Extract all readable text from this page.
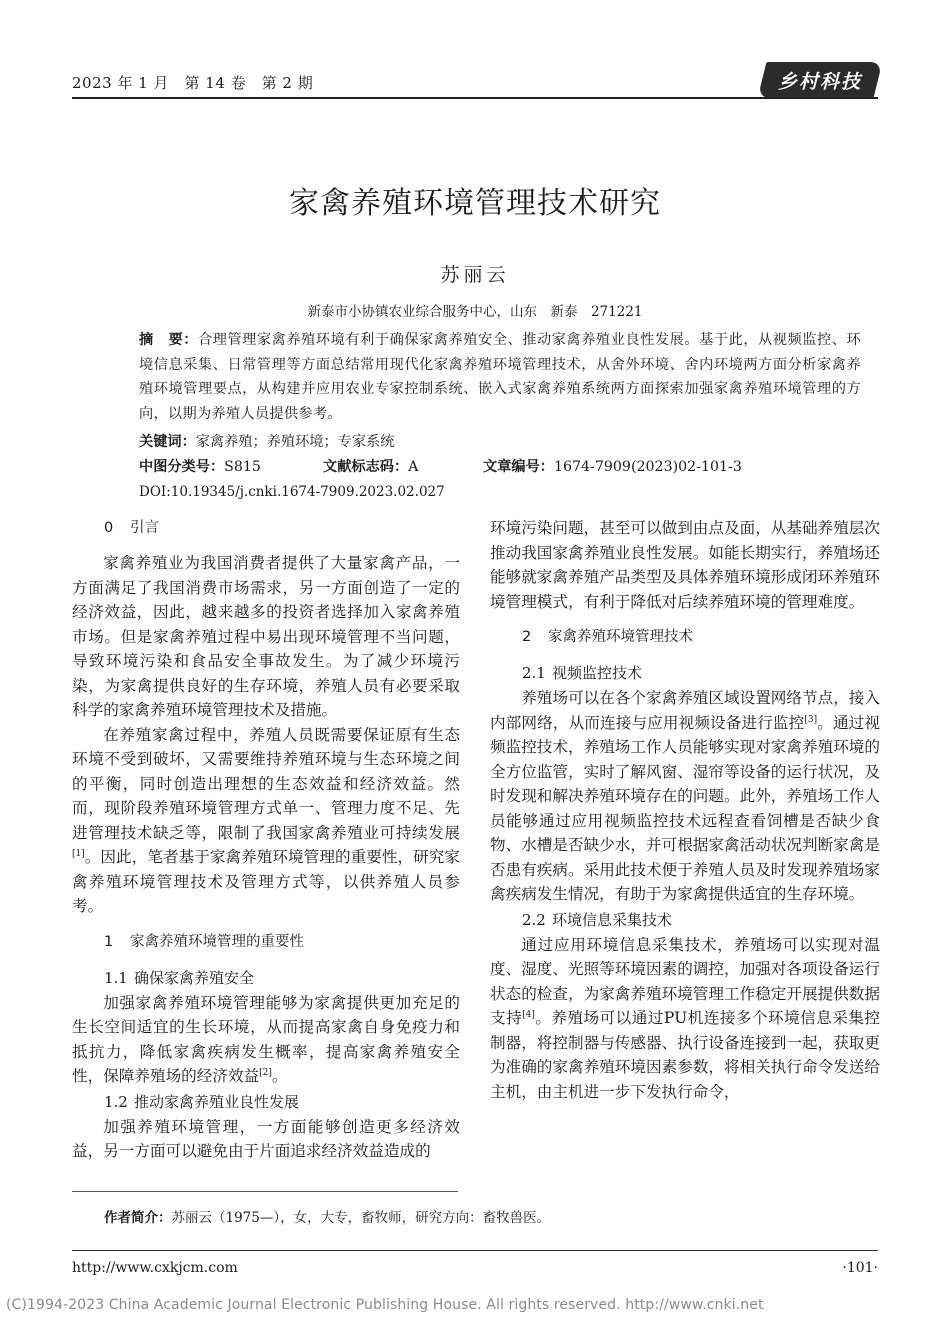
2023 年 1 月　第 14 卷　第 2 期	乡村科技
家禽养殖环境管理技术研究
苏丽云
新泰市小协镇农业综合服务中心，山东　新泰　271221
摘　要：合理管理家禽养殖环境有利于确保家禽养殖安全、推动家禽养殖业良性发展。基于此，从视频监控、环境信息采集、日常管理等方面总结常用现代化家禽养殖环境管理技术，从舍外环境、舍内环境两方面分析家禽养殖环境管理要点，从构建并应用农业专家控制系统、嵌入式家禽养殖系统两方面探索加强家禽养殖环境管理的方向，以期为养殖人员提供参考。
关键词：家禽养殖；养殖环境；专家系统
中图分类号：S815	文献标志码：A	文章编号：1674-7909(2023)02-101-3
DOI:10.19345/j.cnki.1674-7909.2023.02.027
0 引言

家禽养殖业为我国消费者提供了大量家禽产品，一方面满足了我国消费市场需求，另一方面创造了一定的经济效益，因此，越来越多的投资者选择加入家禽养殖市场。但是家禽养殖过程中易出现环境管理不当问题，导致环境污染和食品安全事故发生。为了减少环境污染，为家禽提供良好的生存环境，养殖人员有必要采取科学的家禽养殖环境管理技术及措施。

在养殖家禽过程中，养殖人员既需要保证原有生态环境不受到破坏，又需要维持养殖环境与生态环境之间的平衡，同时创造出理想的生态效益和经济效益。然而，现阶段养殖环境管理方式单一、管理力度不足、先进管理技术缺乏等，限制了我国家禽养殖业可持续发展[1]。因此，笔者基于家禽养殖环境管理的重要性，研究家禽养殖环境管理技术及管理方式等，以供养殖人员参考。

1 家禽养殖环境管理的重要性
1.1 确保家禽养殖安全

加强家禽养殖环境管理能够为家禽提供更加充足的生长空间适宜的生长环境，从而提高家禽自身免疫力和抵抗力，降低家禽疾病发生概率，提高家禽养殖安全性，保障养殖场的经济效益[2]。

1.2 推动家禽养殖业良性发展

加强养殖环境管理，一方面能够创造更多经济效益，另一方面可以避免由于片面追求经济效益造成的

环境污染问题，甚至可以做到由点及面，从基础养殖层次推动我国家禽养殖业良性发展。如能长期实行，养殖场还能够就家禽养殖产品类型及具体养殖环境形成闭环养殖环境管理模式，有利于降低对后续养殖环境的管理难度。

2 家禽养殖环境管理技术
2.1 视频监控技术

养殖场可以在各个家禽养殖区域设置网络节点，接入内部网络，从而连接与应用视频设备进行监控[3]。通过视频监控技术，养殖场工作人员能够实现对家禽养殖环境的全方位监管，实时了解风窗、湿帘等设备的运行状况，及时发现和解决养殖环境存在的问题。此外，养殖场工作人员能够通过应用视频监控技术远程查看饲槽是否缺少食物、水槽是否缺少水，并可根据家禽活动状况判断家禽是否患有疾病。采用此技术便于养殖人员及时发现养殖场家禽疾病发生情况，有助于为家禽提供适宜的生存环境。

2.2 环境信息采集技术

通过应用环境信息采集技术，养殖场可以实现对温度、湿度、光照等环境因素的调控，加强对各项设备运行状态的检查，为家禽养殖环境管理工作稳定开展提供数据支持[4]。养殖场可以通过PU机连接多个环境信息采集控制器，将控制器与传感器、执行设备连接到一起，获取更为准确的家禽养殖环境因素参数，将相关执行命令发送给主机，由主机进一步下发执行命令，

作者简介：苏丽云（1975—），女，大专，畜牧师，研究方向：畜牧兽医。
http://www.cxkjcm.com	·101·
(C)1994-2023 China Academic Journal Electronic Publishing House. All rights reserved. http://www.cnki.net
